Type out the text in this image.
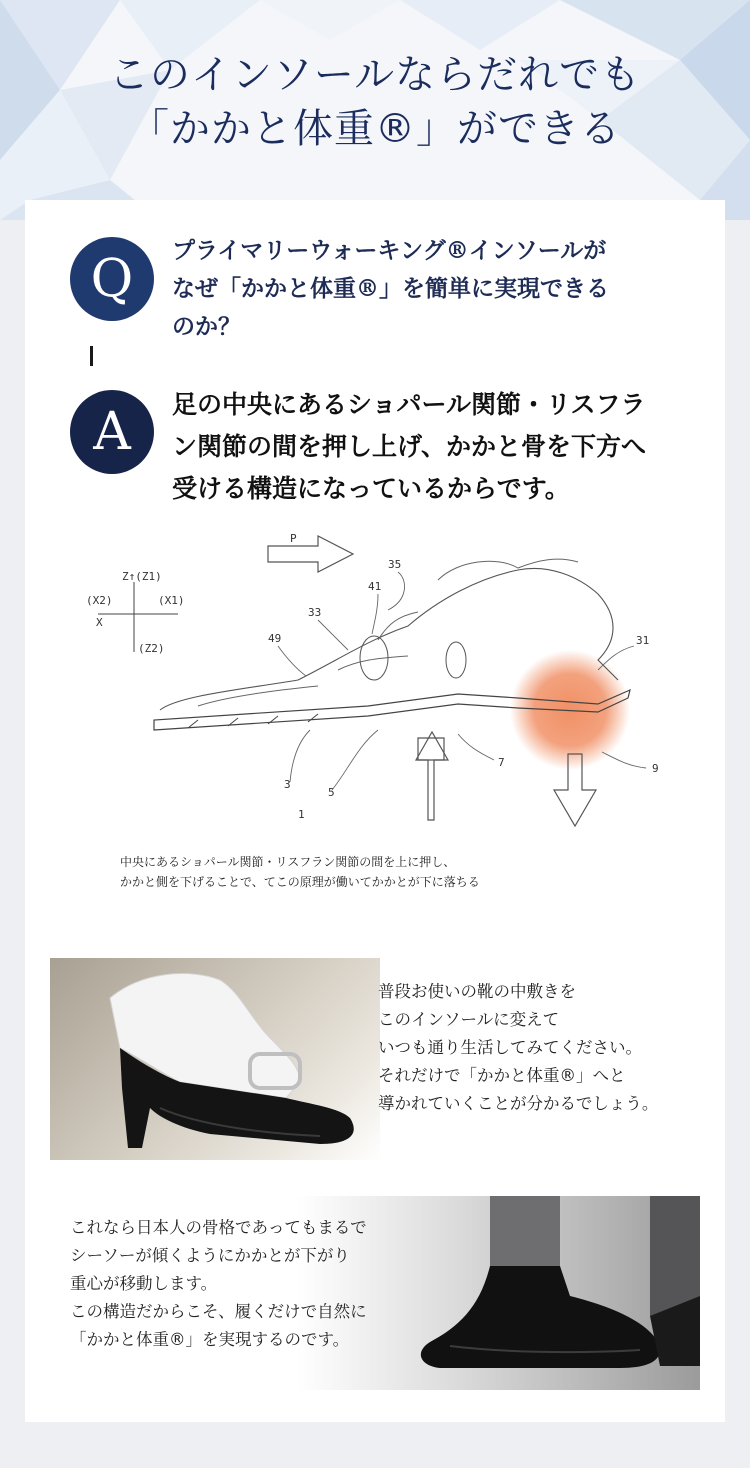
このインソールならだれでも
「かかと体重®」ができる
Q
A
プライマリーウォーキング®インソールが
なぜ「かかと体重®」を簡単に実現できる
のか？
足の中央にあるショパール関節・リスフラ
ン関節の間を押し上げ、かかと骨を下方へ
受ける構造になっているからです。
P
Z↑(Z1)
(X2)	(X1)
X
(Z2)
35
41
33
49	31
7	9
3
5
1
中央にあるショパール関節・リスフラン関節の間を上に押し、
かかと側を下げることで、てこの原理が働いてかかとが下に落ちる
普段お使いの靴の中敷きを
このインソールに変えて
いつも通り生活してみてください。
それだけで「かかと体重®」へと
導かれていくことが分かるでしょう。
これなら日本人の骨格であってもまるで
シーソーが傾くようにかかとが下がり
重心が移動します。
この構造だからこそ、履くだけで自然に
「かかと体重®」を実現するのです。
